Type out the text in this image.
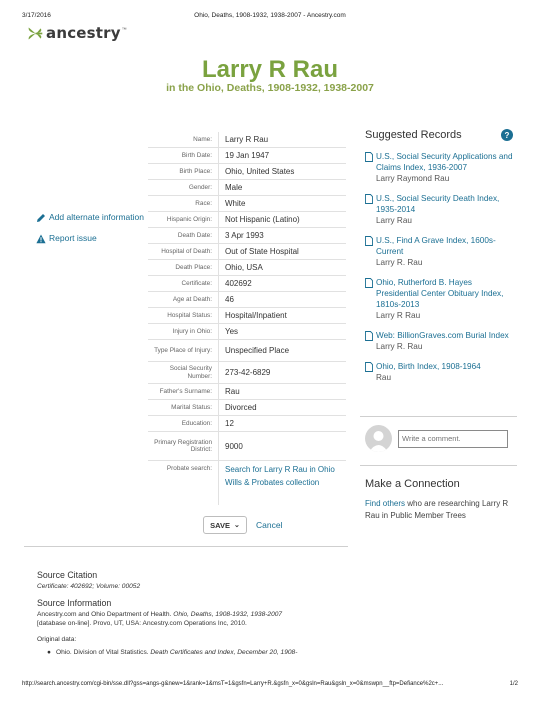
3/17/2016	Ohio, Deaths, 1908-1932, 1938-2007 - Ancestry.com
ancestry ™
Larry R Rau
in the Ohio, Deaths, 1908-1932, 1938-2007
Add alternate information
Report issue
Name:	Larry R Rau
Birth Date:	19 Jan 1947
Birth Place:	Ohio, United States
Gender:	Male
Race:	White
Hispanic Origin:	Not Hispanic (Latino)
Death Date:	3 Apr 1993
Hospital of Death:	Out of State Hospital
Death Place:	Ohio, USA
Certificate:	402692
Age at Death:	46
Hospital Status:	Hospital/Inpatient
Injury in Ohio:	Yes
Type Place of Injury:	Unspecified Place
Social Security Number:	273-42-6829
Father's Surname:	Rau
Marital Status:	Divorced
Education:	12
Primary Registration District:	9000
Probate search:	Search for Larry R Rau in Ohio Wills & Probates collection
SAVE ⌄ Cancel
Suggested Records	?
U.S., Social Security Applications and Claims Index, 1936-2007
Larry Raymond Rau
U.S., Social Security Death Index, 1935-2014
Larry Rau
U.S., Find A Grave Index, 1600s-Current
Larry R. Rau
Ohio, Rutherford B. Hayes Presidential Center Obituary Index, 1810s-2013
Larry R Rau
Web: BillionGraves.com Burial Index
Larry R. Rau
Ohio, Birth Index, 1908-1964
Rau
Write a comment.
Make a Connection
Find others who are researching Larry R Rau in Public Member Trees
Source Citation
Certificate: 402692; Volume: 00052
Source Information
Ancestry.com and Ohio Department of Health. Ohio, Deaths, 1908-1932, 1938-2007
[database on-line]. Provo, UT, USA: Ancestry.com Operations Inc, 2010.
Original data:
● Ohio. Division of Vital Statistics. Death Certificates and Index, December 20, 1908-
http://search.ancestry.com/cgi-bin/sse.dll?gss=angs-g&new=1&rank=1&msT=1&gsfn=Larry+R.&gsfn_x=0&gsln=Rau&gsln_x=0&mswpn__ftp=Defiance%2c+...	1/2
